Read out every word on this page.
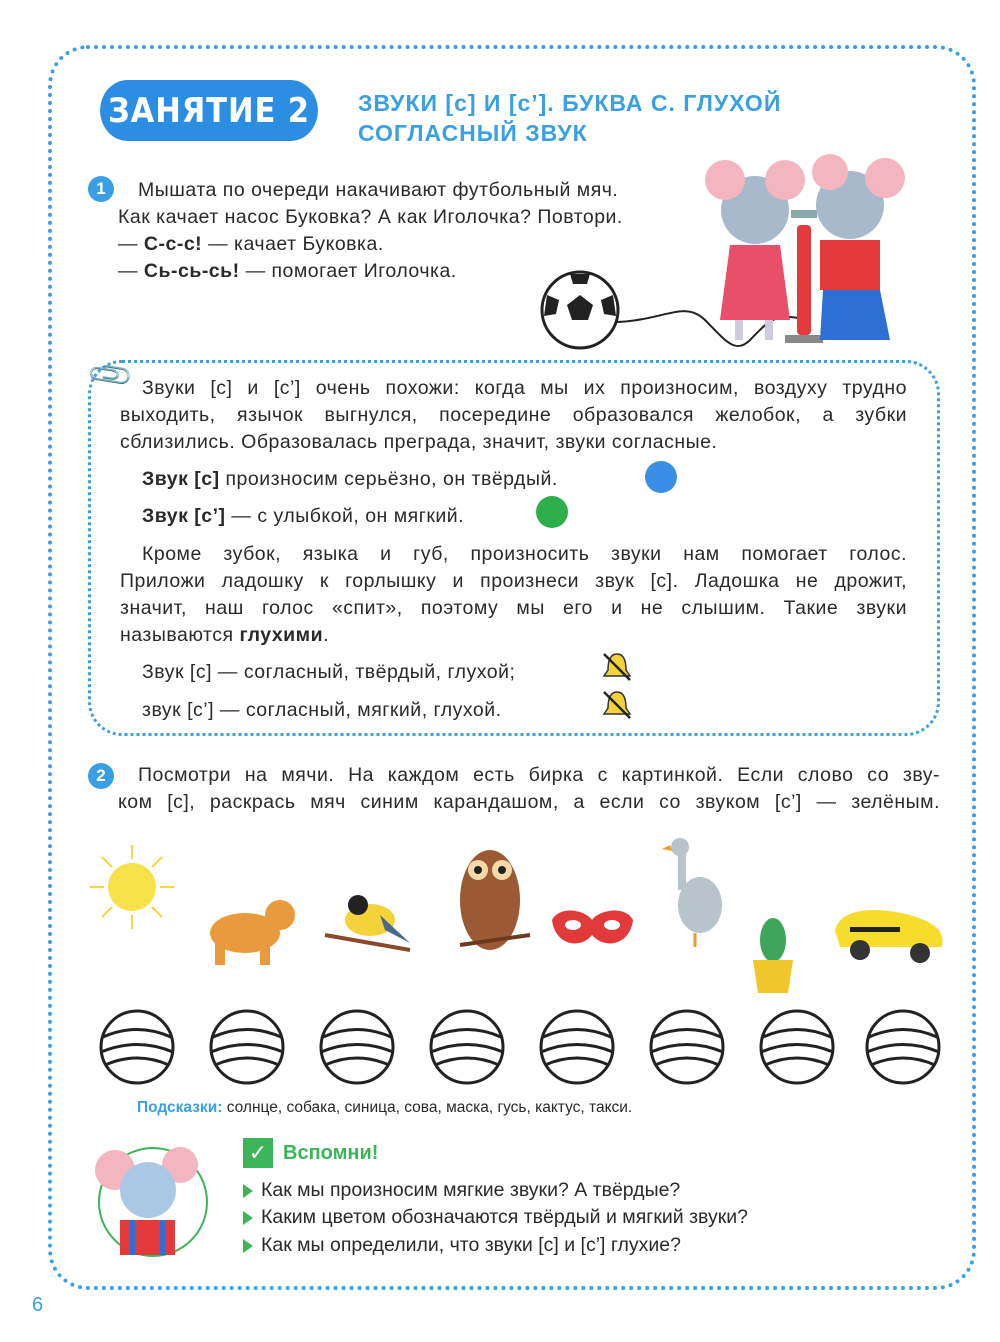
ЗАНЯТИЕ 2	ЗВУКИ [с] И [с’]. БУКВА С. ГЛУХОЙ
СОГЛАСНЫЙ ЗВУК
1	Мышата по очереди накачивают футбольный мяч.
Как качает насос Буковка? А как Иголочка? Повтори.
— С-с-с! — качает Буковка.
— Сь-сь-сь! — помогает Иголочка.
📎 Звуки [с] и [с’] очень похожи: когда мы их произносим, воздуху трудно
выходить, язычок выгнулся, посередине образовался желобок, а зубки
сблизились. Образовалась преграда, значит, звуки согласные.
Звук [с] произносим серьёзно, он твёрдый.
Звук [с’] — с улыбкой, он мягкий.
Кроме зубок, языка и губ, произносить звуки нам помогает голос.
Приложи ладошку к горлышку и произнеси звук [с]. Ладошка не дрожит,
значит, наш голос «спит», поэтому мы его и не слышим. Такие звуки
называются глухими.
Звук [с] — согласный, твёрдый, глухой;
звук [с’] — согласный, мягкий, глухой.
2	Посмотри на мячи. На каждом есть бирка с картинкой. Если слово со зву-
ком [с], раскрась мяч синим карандашом, а если со звуком [с’] — зелёным.
Подсказки: солнце, собака, синица, сова, маска, гусь, кактус, такси.
✓ Вспомни!
Как мы произносим мягкие звуки? А твёрдые?
Каким цветом обозначаются твёрдый и мягкий звуки?
Как мы определили, что звуки [с] и [с’] глухие?
6
